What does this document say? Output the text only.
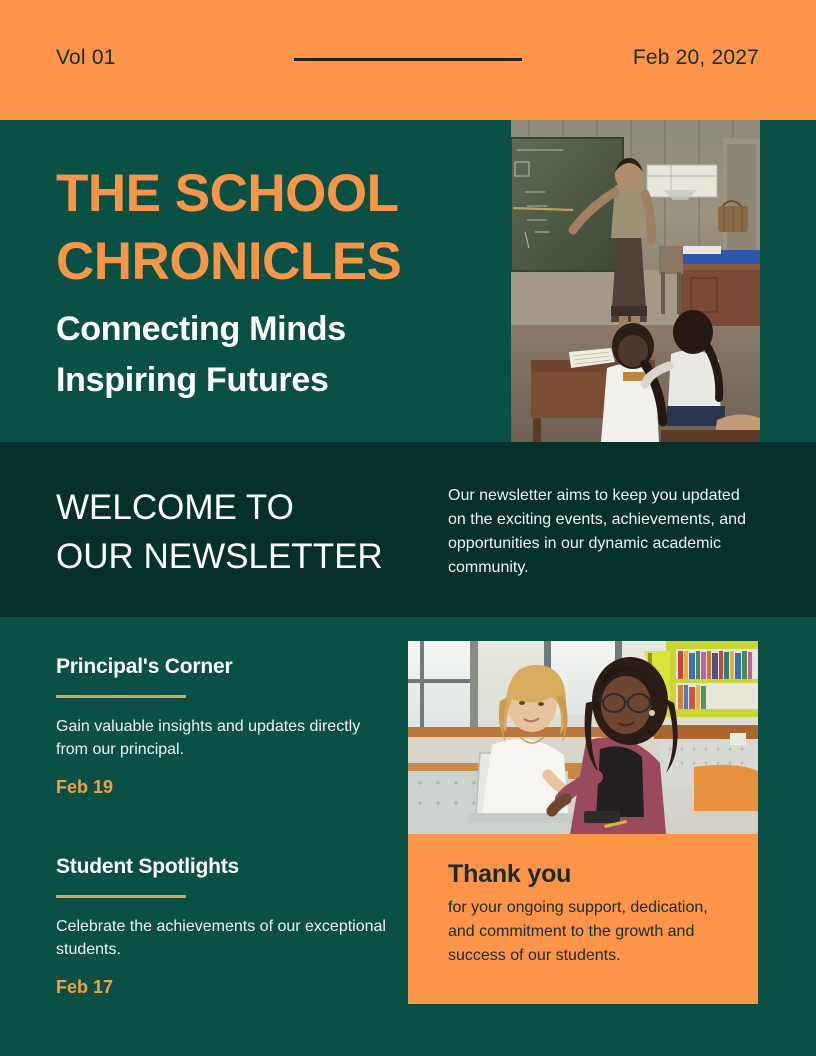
Vol 01	Feb 20, 2027
THE SCHOOL CHRONICLES
Connecting Minds
Inspiring Futures
WELCOME TO
OUR NEWSLETTER
Our newsletter aims to keep you updated on the exciting events, achievements, and opportunities in our dynamic academic community.
Principal's Corner
Gain valuable insights and updates directly from our principal.
Feb 19
Student Spotlights
Celebrate the achievements of our exceptional students.
Feb 17
Thank you
for your ongoing support, dedication, and commitment to the growth and success of our students.
